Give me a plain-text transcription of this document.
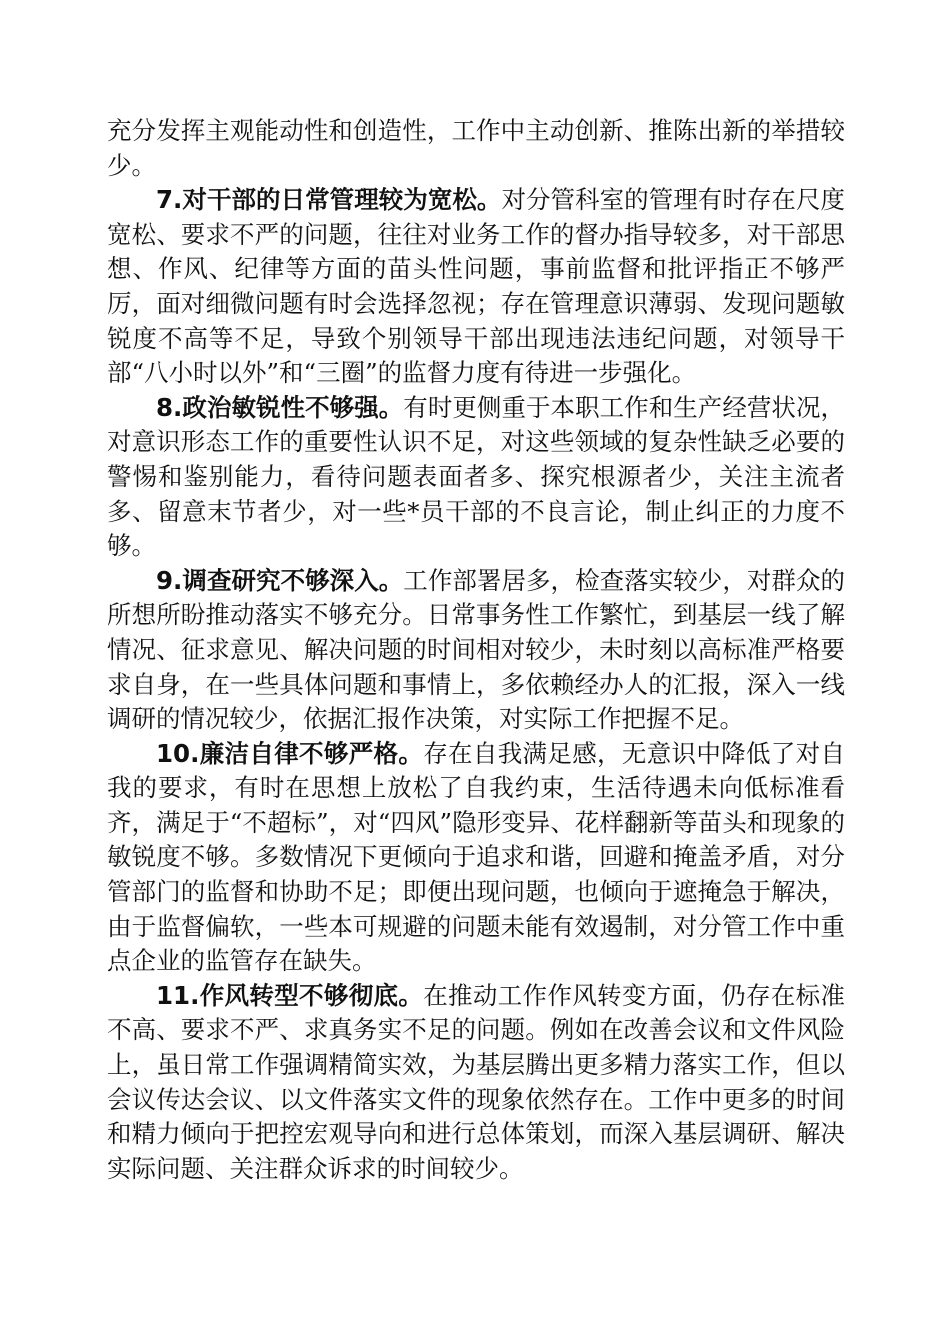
充分发挥主观能动性和创造性，工作中主动创新、推陈出新的举措较少。

7.对干部的日常管理较为宽松。对分管科室的管理有时存在尺度宽松、要求不严的问题，往往对业务工作的督办指导较多，对干部思想、作风、纪律等方面的苗头性问题，事前监督和批评指正不够严厉，面对细微问题有时会选择忽视；存在管理意识薄弱、发现问题敏锐度不高等不足，导致个别领导干部出现违法违纪问题，对领导干部“八小时以外”和“三圈”的监督力度有待进一步强化。

8.政治敏锐性不够强。有时更侧重于本职工作和生产经营状况，对意识形态工作的重要性认识不足，对这些领域的复杂性缺乏必要的警惕和鉴别能力，看待问题表面者多、探究根源者少，关注主流者多、留意末节者少，对一些*员干部的不良言论，制止纠正的力度不够。

9.调查研究不够深入。工作部署居多，检查落实较少，对群众的所想所盼推动落实不够充分。日常事务性工作繁忙，到基层一线了解情况、征求意见、解决问题的时间相对较少，未时刻以高标准严格要求自身，在一些具体问题和事情上，多依赖经办人的汇报，深入一线调研的情况较少，依据汇报作决策，对实际工作把握不足。

10.廉洁自律不够严格。存在自我满足感，无意识中降低了对自我的要求，有时在思想上放松了自我约束，生活待遇未向低标准看齐，满足于“不超标”，对“四风”隐形变异、花样翻新等苗头和现象的敏锐度不够。多数情况下更倾向于追求和谐，回避和掩盖矛盾，对分管部门的监督和协助不足；即便出现问题，也倾向于遮掩急于解决，由于监督偏软，一些本可规避的问题未能有效遏制，对分管工作中重点企业的监管存在缺失。

11.作风转型不够彻底。在推动工作作风转变方面，仍存在标准不高、要求不严、求真务实不足的问题。例如在改善会议和文件风险上，虽日常工作强调精简实效，为基层腾出更多精力落实工作，但以会议传达会议、以文件落实文件的现象依然存在。工作中更多的时间和精力倾向于把控宏观导向和进行总体策划，而深入基层调研、解决实际问题、关注群众诉求的时间较少。
